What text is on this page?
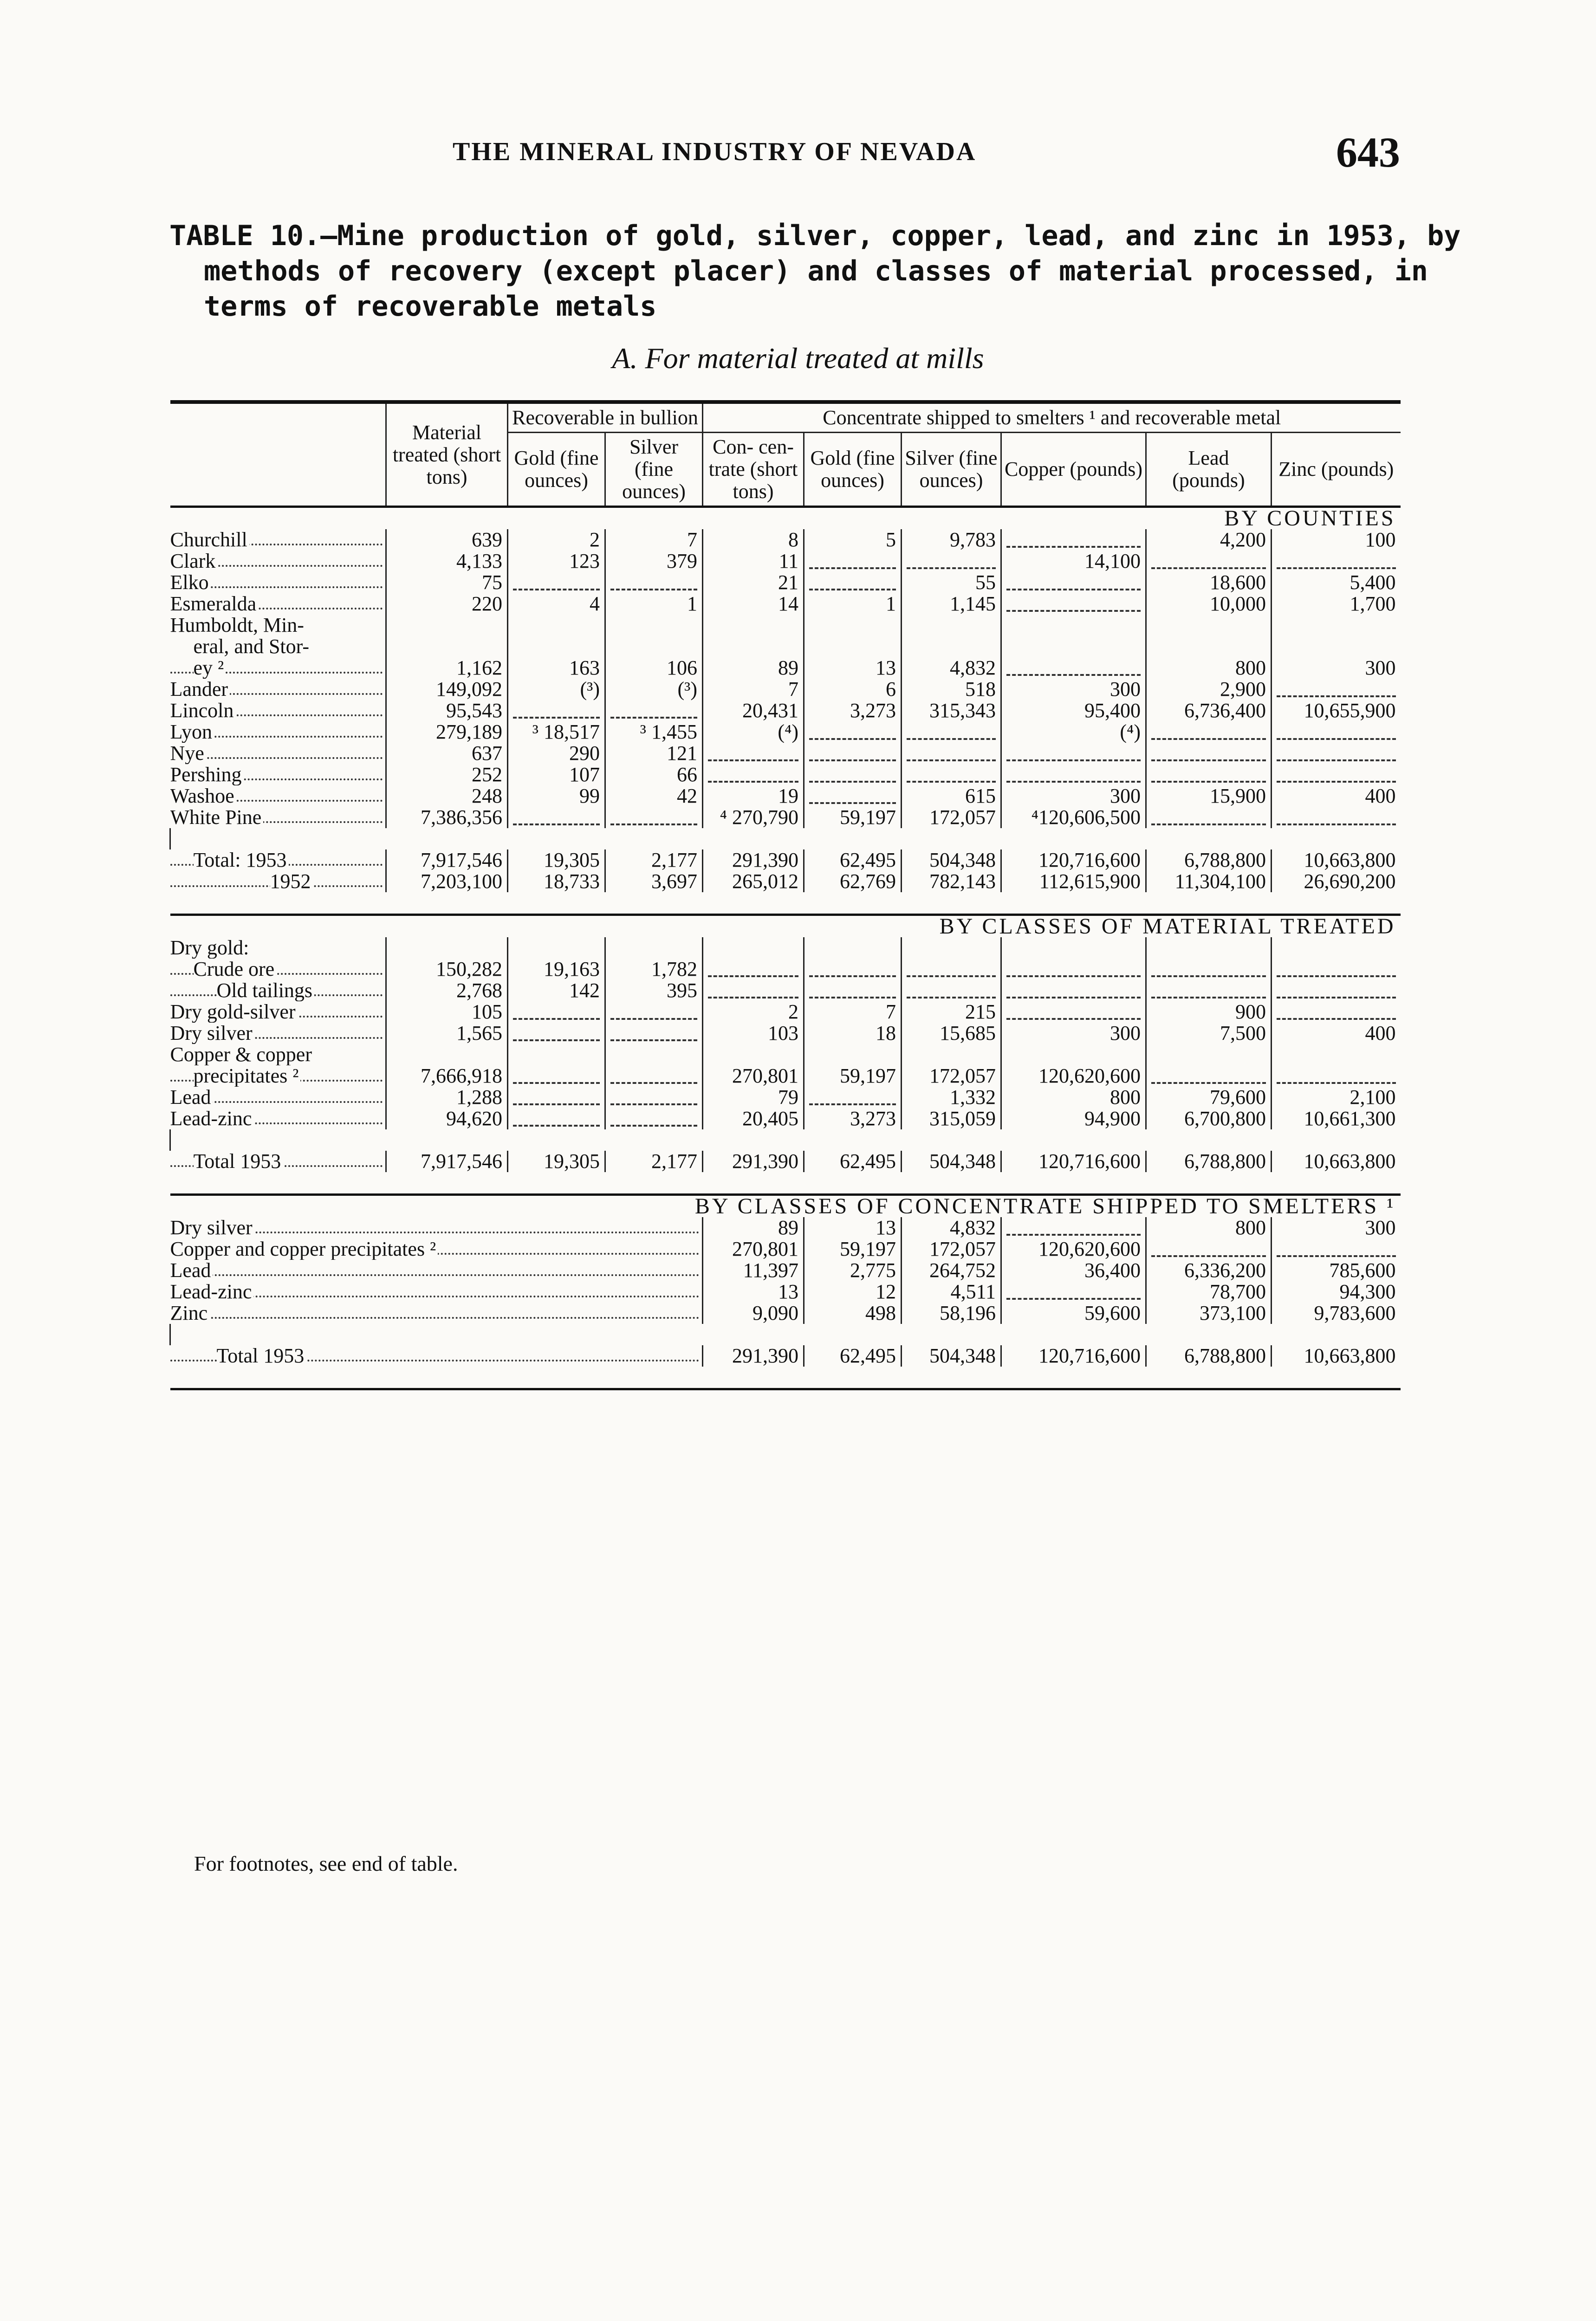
THE MINERAL INDUSTRY OF NEVADA	643
TABLE 10.—Mine production of gold, silver, copper, lead, and zinc in 1953, by
methods of recovery (except placer) and classes of material processed, in
terms of recoverable metals
A. For material treated at mills
	Material treated (short tons)	Recoverable in bullion		Concentrate shipped to smelters ¹ and recoverable metal					
		Gold (fine ounces)	Silver (fine ounces)	Con- cen- trate (short tons)	Gold (fine ounces)	Silver (fine ounces)	Copper (pounds)	Lead (pounds)	Zinc (pounds)
BY COUNTIES									
Churchill	639	2	7	8	5	9,783		4,200	100
Clark	4,133	123	379	11			14,100		
Elko	75			21		55		18,600	5,400
Esmeralda	220	4	1	14	1	1,145		10,000	1,700
Humboldt, Min-									
eral, and Stor-									
ey ²	1,162	163	106	89	13	4,832		800	300
Lander	149,092	(³)	(³)	7	6	518	300	2,900	
Lincoln	95,543			20,431	3,273	315,343	95,400	6,736,400	10,655,900
Lyon	279,189	³ 18,517	³ 1,455	(⁴)			(⁴)		
Nye	637	290	121						
Pershing	252	107	66						
Washoe	248	99	42	19		615	300	15,900	400
White Pine	7,386,356			⁴ 270,790	59,197	172,057	⁴120,606,500		

Total: 1953	7,917,546	19,305	2,177	291,390	62,495	504,348	120,716,600	6,788,800	10,663,800
1952	7,203,100	18,733	3,697	265,012	62,769	782,143	112,615,900	11,304,100	26,690,200

BY CLASSES OF MATERIAL TREATED									
Dry gold:									
Crude ore	150,282	19,163	1,782						
Old tailings	2,768	142	395						
Dry gold-silver	105			2	7	215		900	
Dry silver	1,565			103	18	15,685	300	7,500	400
Copper & copper									
precipitates ²	7,666,918			270,801	59,197	172,057	120,620,600		
Lead	1,288			79		1,332	800	79,600	2,100
Lead-zinc	94,620			20,405	3,273	315,059	94,900	6,700,800	10,661,300

Total 1953	7,917,546	19,305	2,177	291,390	62,495	504,348	120,716,600	6,788,800	10,663,800

BY CLASSES OF CONCENTRATE SHIPPED TO SMELTERS ¹									
Dry silver				89	13	4,832		800	300
Copper and copper precipitates ²				270,801	59,197	172,057	120,620,600		
Lead				11,397	2,775	264,752	36,400	6,336,200	785,600
Lead-zinc				13	12	4,511		78,700	94,300
Zinc				9,090	498	58,196	59,600	373,100	9,783,600

Total 1953				291,390	62,495	504,348	120,716,600	6,788,800	10,663,800

For footnotes, see end of table.
